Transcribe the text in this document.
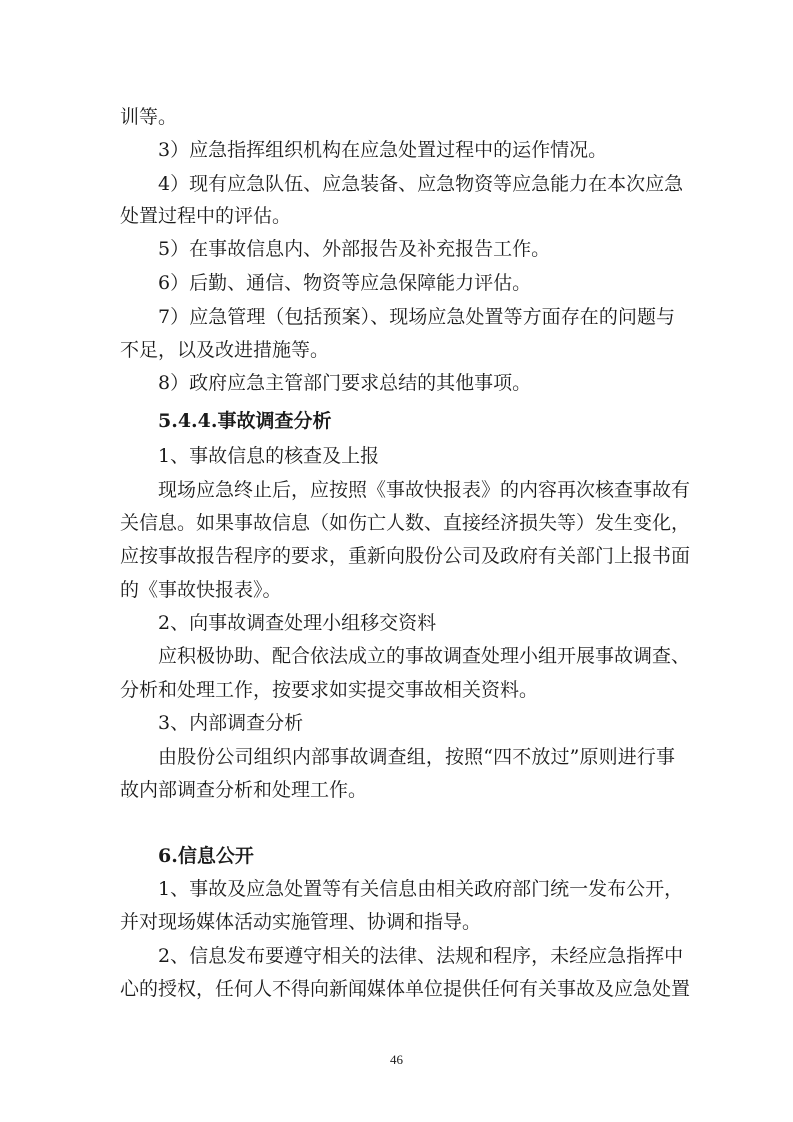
训等。
3）应急指挥组织机构在应急处置过程中的运作情况。
4）现有应急队伍、应急装备、应急物资等应急能力在本次应急
处置过程中的评估。
5）在事故信息内、外部报告及补充报告工作。
6）后勤、通信、物资等应急保障能力评估。
7）应急管理（包括预案）、现场应急处置等方面存在的问题与
不足，以及改进措施等。
8）政府应急主管部门要求总结的其他事项。
5.4.4.事故调查分析
1、事故信息的核查及上报
现场应急终止后，应按照《事故快报表》的内容再次核查事故有
关信息。如果事故信息（如伤亡人数、直接经济损失等）发生变化，
应按事故报告程序的要求，重新向股份公司及政府有关部门上报书面
的《事故快报表》。
2、向事故调查处理小组移交资料
应积极协助、配合依法成立的事故调查处理小组开展事故调查、
分析和处理工作，按要求如实提交事故相关资料。
3、内部调查分析
由股份公司组织内部事故调查组，按照“四不放过”原则进行事
故内部调查分析和处理工作。
6.信息公开
1、事故及应急处置等有关信息由相关政府部门统一发布公开，
并对现场媒体活动实施管理、协调和指导。
2、信息发布要遵守相关的法律、法规和程序，未经应急指挥中
心的授权，任何人不得向新闻媒体单位提供任何有关事故及应急处置
46
